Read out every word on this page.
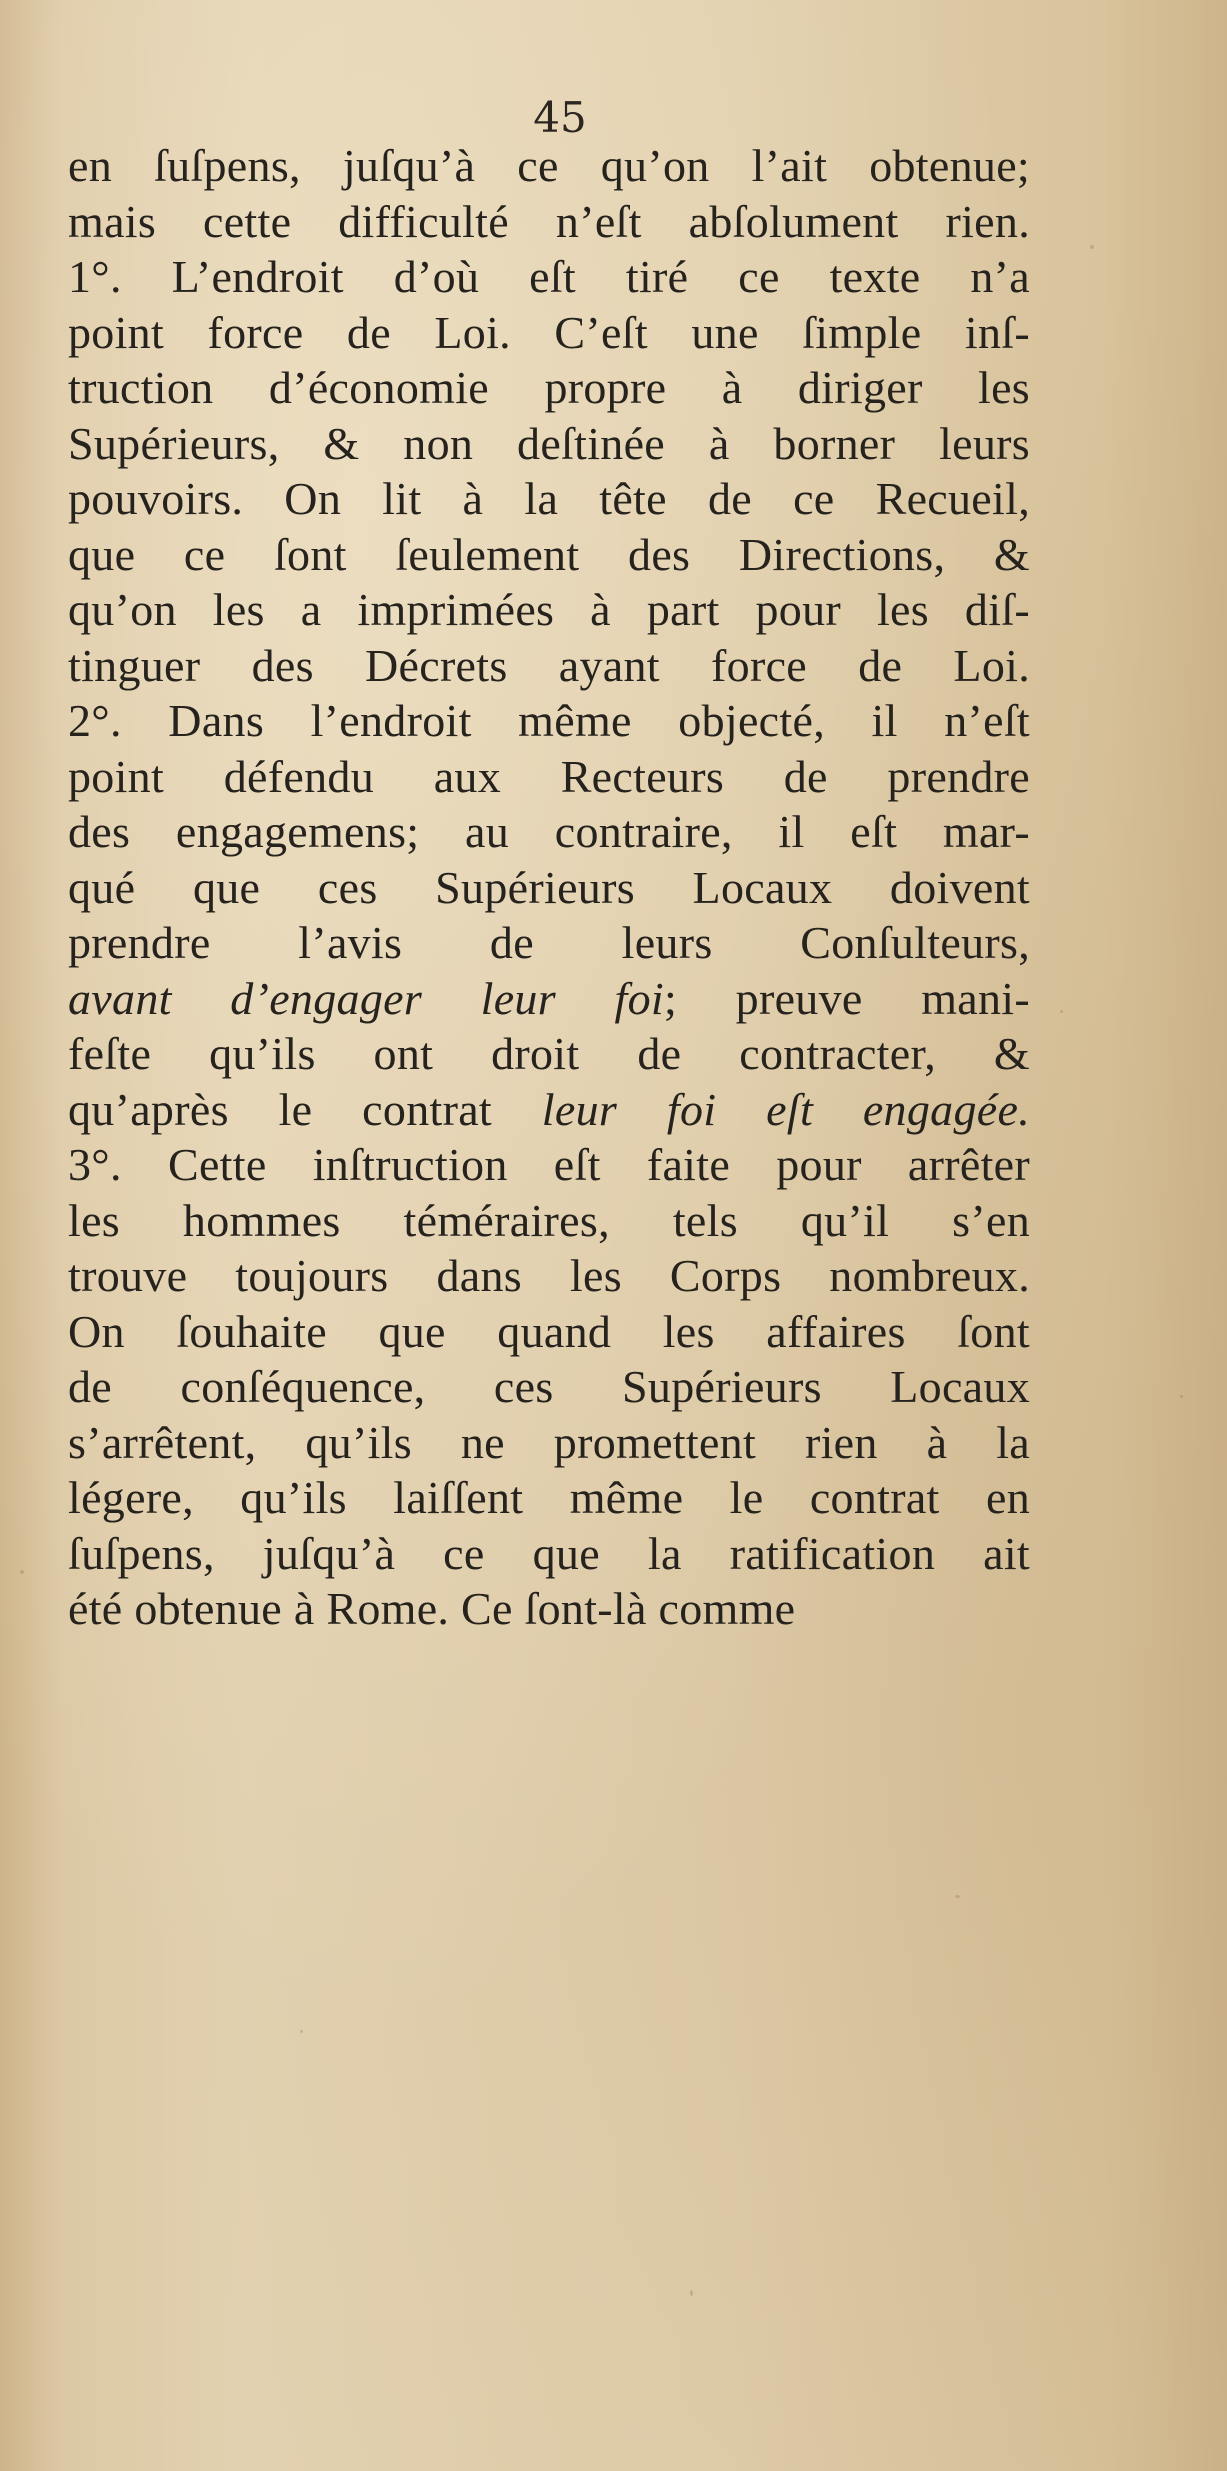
45
en ſuſpens, juſqu’à ce qu’on l’ait obtenue;
mais cette difficulté n’eſt abſolument rien.
1°. L’endroit d’où eſt tiré ce texte n’a
point force de Loi. C’eſt une ſimple inſ-
truction d’économie propre à diriger les
Supérieurs, & non deſtinée à borner leurs
pouvoirs. On lit à la tête de ce Recueil,
que ce ſont ſeulement des Directions, &
qu’on les a imprimées à part pour les diſ-
tinguer des Décrets ayant force de Loi.
2°. Dans l’endroit même objecté, il n’eſt
point défendu aux Recteurs de prendre
des engagemens; au contraire, il eſt mar-
qué que ces Supérieurs Locaux doivent
prendre l’avis de leurs Conſulteurs,
avant d’engager leur foi; preuve mani-
feſte qu’ils ont droit de contracter, &
qu’après le contrat leur foi eſt engagée.
3°. Cette inſtruction eſt faite pour arrêter
les hommes téméraires, tels qu’il s’en
trouve toujours dans les Corps nombreux.
On ſouhaite que quand les affaires ſont
de conſéquence, ces Supérieurs Locaux
s’arrêtent, qu’ils ne promettent rien à la
légere, qu’ils laiſſent même le contrat en
ſuſpens, juſqu’à ce que la ratification ait
été obtenue à Rome. Ce ſont-là comme
